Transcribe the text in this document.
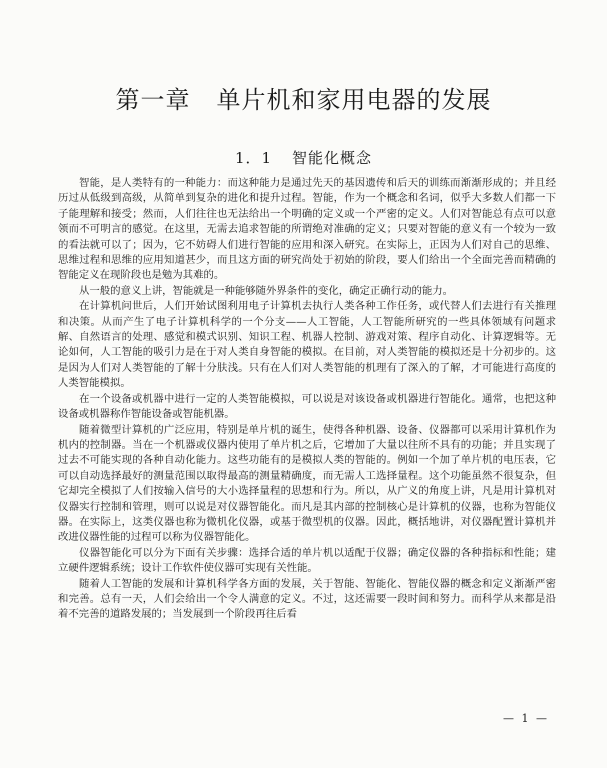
第一章 单片机和家用电器的发展
1．1 智能化概念

智能，是人类特有的一种能力：而这种能力是通过先天的基因遗传和后天的训练而渐渐形成的；并且经历过从低级到高级，从简单到复杂的进化和提升过程。智能，作为一个概念和名词，似乎大多数人们都一下子能理解和接受；然而，人们往往也无法给出一个明确的定义或一个严密的定义。人们对智能总有点可以意领而不可明言的感觉。在这里，无需去追求智能的所谓绝对准确的定义；只要对智能的意义有一个较为一致的看法就可以了；因为，它不妨碍人们进行智能的应用和深入研究。在实际上，正因为人们对自己的思维、思维过程和思维的应用知道甚少，而且这方面的研究尚处于初始的阶段，要人们给出一个全面完善而精确的智能定义在现阶段也是勉为其难的。

从一般的意义上讲，智能就是一种能够随外界条件的变化，确定正确行动的能力。

在计算机问世后，人们开始试图利用电子计算机去执行人类各种工作任务，或代替人们去进行有关推理和决策。从而产生了电子计算机科学的一个分支——人工智能，人工智能所研究的一些具体领域有问题求解、自然语言的处理、感觉和模式识别、知识工程、机器人控制、游戏对策、程序自动化、计算逻辑等。无论如何，人工智能的吸引力是在于对人类自身智能的模拟。在目前，对人类智能的模拟还是十分初步的。这是因为人们对人类智能的了解十分肤浅。只有在人们对人类智能的机理有了深入的了解，才可能进行高度的人类智能模拟。

在一个设备或机器中进行一定的人类智能模拟，可以说是对该设备或机器进行智能化。通常，也把这种设备或机器称作智能设备或智能机器。

随着微型计算机的广泛应用，特别是单片机的诞生，使得各种机器、设备、仪器都可以采用计算机作为机内的控制器。当在一个机器或仪器内使用了单片机之后，它增加了大量以往所不具有的功能；并且实现了过去不可能实现的各种自动化能力。这些功能有的是模拟人类的智能的。例如一个加了单片机的电压表，它可以自动选择最好的测量范围以取得最高的测量精确度，而无需人工选择量程。这个功能虽然不很复杂，但它却完全模拟了人们按输入信号的大小选择量程的思想和行为。所以，从广义的角度上讲，凡是用计算机对仪器实行控制和管理，则可以说是对仪器智能化。而凡是其内部的控制核心是计算机的仪器，也称为智能仪器。在实际上，这类仪器也称为微机化仪器，或基于微型机的仪器。因此，概括地讲，对仪器配置计算机并改进仪器性能的过程可以称为仪器智能化。

仪器智能化可以分为下面有关步骤：选择合适的单片机以适配于仪器；确定仪器的各种指标和性能；建立硬件逻辑系统；设计工作软件使仪器可实现有关性能。

随着人工智能的发展和计算机科学各方面的发展，关于智能、智能化、智能仪器的概念和定义渐渐严密和完善。总有一天，人们会给出一个令人满意的定义。不过，这还需要一段时间和努力。而科学从来都是沿着不完善的道路发展的；当发展到一个阶段再往后看

— 1 —
